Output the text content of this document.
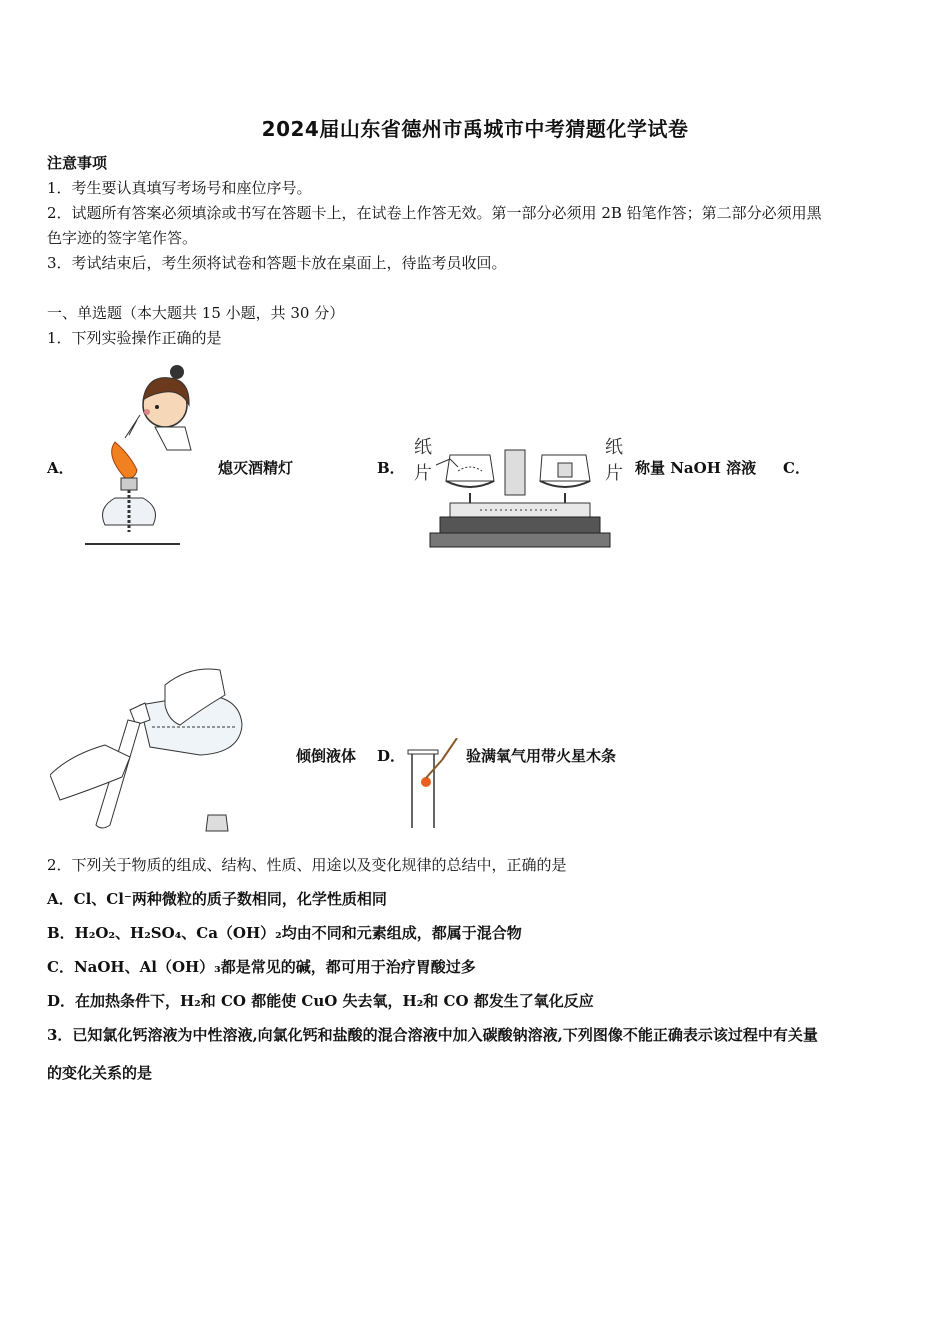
2024届山东省德州市禹城市中考猜题化学试卷
注意事项
1．考生要认真填写考场号和座位序号。
2．试题所有答案必须填涂或书写在答题卡上，在试卷上作答无效。第一部分必须用 2B 铅笔作答；第二部分必须用黑
色字迹的签字笔作答。
3．考试结束后，考生须将试卷和答题卡放在桌面上，待监考员收回。
一、单选题（本大题共 15 小题，共 30 分）
1．下列实验操作正确的是
A．	熄灭酒精灯	B．
纸
片
纸
片 称量 NaOH 溶液 C．
倾倒液体 D．	验满氧气用带火星木条
2．下列关于物质的组成、结构、性质、用途以及变化规律的总结中，正确的是
A．Cl、Cl⁻两种微粒的质子数相同，化学性质相同
B．H₂O₂、H₂SO₄、Ca（OH）₂均由不同和元素组成，都属于混合物
C．NaOH、Al（OH）₃都是常见的碱，都可用于治疗胃酸过多
D．在加热条件下，H₂和 CO 都能使 CuO 失去氧，H₂和 CO 都发生了氧化反应
3．已知氯化钙溶液为中性溶液,向氯化钙和盐酸的混合溶液中加入碳酸钠溶液,下列图像不能正确表示该过程中有关量
的变化关系的是
